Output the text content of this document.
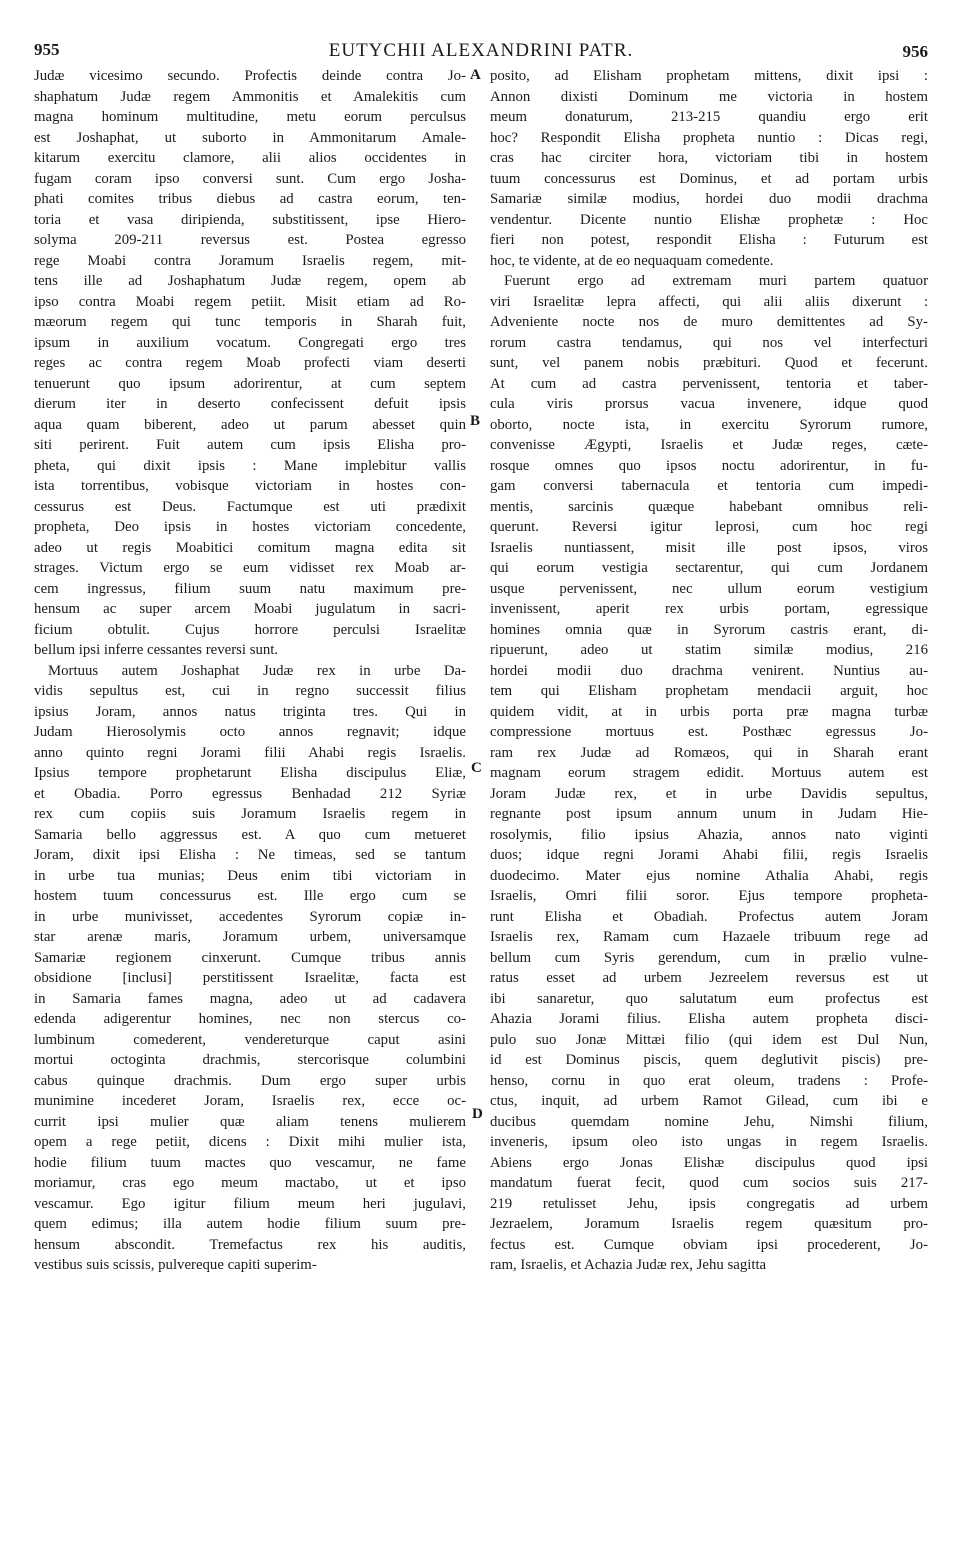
955	EUTYCHII ALEXANDRINI PATR.	956
Judæ vicesimo secundo. Profectis deinde contra Jo-
shaphatum Judæ regem Ammonitis et Amalekitis cum
magna hominum multitudine, metu eorum perculsus
est Joshaphat, ut suborto in Ammonitarum Amale-
kitarum exercitu clamore, alii alios occidentes in
fugam coram ipso conversi sunt. Cum ergo Josha-
phati comites tribus diebus ad castra eorum, ten-
toria et vasa diripienda, substitissent, ipse Hiero-
solyma 209-211 reversus est. Postea egresso
rege Moabi contra Joramum Israelis regem, mit-
tens ille ad Joshaphatum Judæ regem, opem ab
ipso contra Moabi regem petiit. Misit etiam ad Ro-
mæorum regem qui tunc temporis in Sharah fuit,
ipsum in auxilium vocatum. Congregati ergo tres
reges ac contra regem Moab profecti viam deserti
tenuerunt quo ipsum adorirentur, at cum septem
dierum iter in deserto confecissent defuit ipsis
aqua quam biberent, adeo ut parum abesset quin
siti perirent. Fuit autem cum ipsis Elisha pro-
pheta, qui dixit ipsis : Mane implebitur vallis
ista torrentibus, vobisque victoriam in hostes con-
cessurus est Deus. Factumque est uti prædixit
propheta, Deo ipsis in hostes victoriam concedente,
adeo ut regis Moabitici comitum magna edita sit
strages. Victum ergo se eum vidisset rex Moab ar-
cem ingressus, filium suum natu maximum pre-
hensum ac super arcem Moabi jugulatum in sacri-
ficium obtulit. Cujus horrore perculsi Israelitæ
bellum ipsi inferre cessantes reversi sunt.
Mortuus autem Joshaphat Judæ rex in urbe Da-
vidis sepultus est, cui in regno successit filius
ipsius Joram, annos natus triginta tres. Qui in
Judam Hierosolymis octo annos regnavit; idque
anno quinto regni Jorami filii Ahabi regis Israelis.
Ipsius tempore prophetarunt Elisha discipulus Eliæ,
et Obadia. Porro egressus Benhadad 212 Syriæ
rex cum copiis suis Joramum Israelis regem in
Samaria bello aggressus est. A quo cum metueret
Joram, dixit ipsi Elisha : Ne timeas, sed se tantum
in urbe tua munias; Deus enim tibi victoriam in
hostem tuum concessurus est. Ille ergo cum se
in urbe munivisset, accedentes Syrorum copiæ in-
star arenæ maris, Joramum urbem, universamque
Samariæ regionem cinxerunt. Cumque tribus annis
obsidione [inclusi] perstitissent Israelitæ, facta est
in Samaria fames magna, adeo ut ad cadavera
edenda adigerentur homines, nec non stercus co-
lumbinum comederent, vendereturque caput asini
mortui octoginta drachmis, stercorisque columbini
cabus quinque drachmis. Dum ergo super urbis
munimine incederet Joram, Israelis rex, ecce oc-
currit ipsi mulier quæ aliam tenens mulierem
opem a rege petiit, dicens : Dixit mihi mulier ista,
hodie filium tuum mactes quo vescamur, ne fame
moriamur, cras ego meum mactabo, ut et ipso
vescamur. Ego igitur filium meum heri jugulavi,
quem edimus; illa autem hodie filium suum pre-
hensum abscondit. Tremefactus rex his auditis,
vestibus suis scissis, pulvereque capiti superim-
posito, ad Elisham prophetam mittens, dixit ipsi :
Annon dixisti Dominum me victoria in hostem
meum donaturum, 213-215 quandiu ergo erit
hoc? Respondit Elisha propheta nuntio : Dicas regi,
cras hac circiter hora, victoriam tibi in hostem
tuum concessurus est Dominus, et ad portam urbis
Samariæ similæ modius, hordei duo modii drachma
vendentur. Dicente nuntio Elishæ prophetæ : Hoc
fieri non potest, respondit Elisha : Futurum est
hoc, te vidente, at de eo nequaquam comedente.
Fuerunt ergo ad extremam muri partem quatuor
viri Israelitæ lepra affecti, qui alii aliis dixerunt :
Adveniente nocte nos de muro demittentes ad Sy-
rorum castra tendamus, qui nos vel interfecturi
sunt, vel panem nobis præbituri. Quod et fecerunt.
At cum ad castra pervenissent, tentoria et taber-
cula viris prorsus vacua invenere, idque quod
oborto, nocte ista, in exercitu Syrorum rumore,
convenisse Ægypti, Israelis et Judæ reges, cæte-
rosque omnes quo ipsos noctu adorirentur, in fu-
gam conversi tabernacula et tentoria cum impedi-
mentis, sarcinis quæque habebant omnibus reli-
querunt. Reversi igitur leprosi, cum hoc regi
Israelis nuntiassent, misit ille post ipsos, viros
qui eorum vestigia sectarentur, qui cum Jordanem
usque pervenissent, nec ullum eorum vestigium
invenissent, aperit rex urbis portam, egressique
homines omnia quæ in Syrorum castris erant, di-
ripuerunt, adeo ut statim similæ modius, 216
hordei modii duo drachma venirent. Nuntius au-
tem qui Elisham prophetam mendacii arguit, hoc
quidem vidit, at in urbis porta præ magna turbæ
compressione mortuus est. Posthæc egressus Jo-
ram rex Judæ ad Romæos, qui in Sharah erant
magnam eorum stragem edidit. Mortuus autem est
Joram Judæ rex, et in urbe Davidis sepultus,
regnante post ipsum annum unum in Judam Hie-
rosolymis, filio ipsius Ahazia, annos nato viginti
duos; idque regni Jorami Ahabi filii, regis Israelis
duodecimo. Mater ejus nomine Athalia Ahabi, regis
Israelis, Omri filii soror. Ejus tempore propheta-
runt Elisha et Obadiah. Profectus autem Joram
Israelis rex, Ramam cum Hazaele tribuum rege ad
bellum cum Syris gerendum, cum in prælio vulne-
ratus esset ad urbem Jezreelem reversus est ut
ibi sanaretur, quo salutatum eum profectus est
Ahazia Jorami filius. Elisha autem propheta disci-
pulo suo Jonæ Mittæi filio (qui idem est Dul Nun,
id est Dominus piscis, quem deglutivit piscis) pre-
henso, cornu in quo erat oleum, tradens : Profe-
ctus, inquit, ad urbem Ramot Gilead, cum ibi e
ducibus quemdam nomine Jehu, Nimshi filium,
inveneris, ipsum oleo isto ungas in regem Israelis.
Abiens ergo Jonas Elishæ discipulus quod ipsi
mandatum fuerat fecit, quod cum socios suis 217-
219 retulisset Jehu, ipsis congregatis ad urbem
Jezraelem, Joramum Israelis regem quæsitum pro-
fectus est. Cumque obviam ipsi procederent, Jo-
ram, Israelis, et Achazia Judæ rex, Jehu sagitta
A
B
C
D
